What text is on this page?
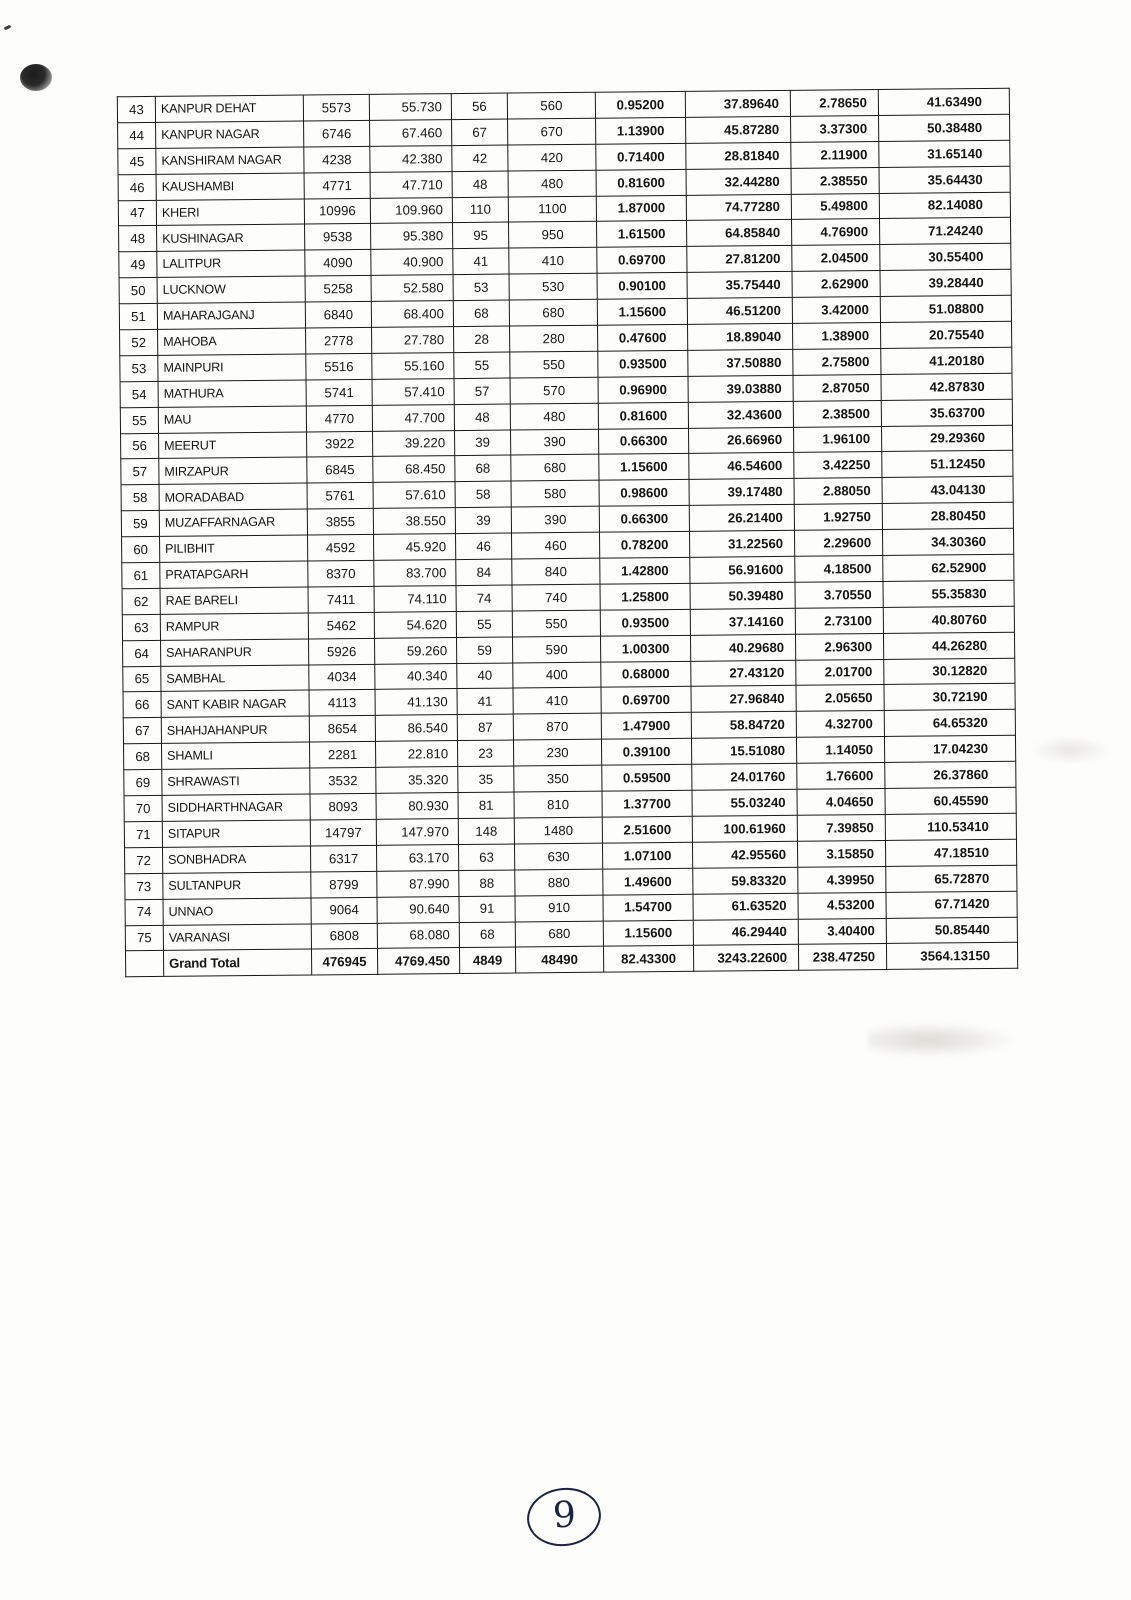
43	KANPUR DEHAT	5573	55.730	56	560	0.95200	37.89640	2.78650	41.63490
44	KANPUR NAGAR	6746	67.460	67	670	1.13900	45.87280	3.37300	50.38480
45	KANSHIRAM NAGAR	4238	42.380	42	420	0.71400	28.81840	2.11900	31.65140
46	KAUSHAMBI	4771	47.710	48	480	0.81600	32.44280	2.38550	35.64430
47	KHERI	10996	109.960	110	1100	1.87000	74.77280	5.49800	82.14080
48	KUSHINAGAR	9538	95.380	95	950	1.61500	64.85840	4.76900	71.24240
49	LALITPUR	4090	40.900	41	410	0.69700	27.81200	2.04500	30.55400
50	LUCKNOW	5258	52.580	53	530	0.90100	35.75440	2.62900	39.28440
51	MAHARAJGANJ	6840	68.400	68	680	1.15600	46.51200	3.42000	51.08800
52	MAHOBA	2778	27.780	28	280	0.47600	18.89040	1.38900	20.75540
53	MAINPURI	5516	55.160	55	550	0.93500	37.50880	2.75800	41.20180
54	MATHURA	5741	57.410	57	570	0.96900	39.03880	2.87050	42.87830
55	MAU	4770	47.700	48	480	0.81600	32.43600	2.38500	35.63700
56	MEERUT	3922	39.220	39	390	0.66300	26.66960	1.96100	29.29360
57	MIRZAPUR	6845	68.450	68	680	1.15600	46.54600	3.42250	51.12450
58	MORADABAD	5761	57.610	58	580	0.98600	39.17480	2.88050	43.04130
59	MUZAFFARNAGAR	3855	38.550	39	390	0.66300	26.21400	1.92750	28.80450
60	PILIBHIT	4592	45.920	46	460	0.78200	31.22560	2.29600	34.30360
61	PRATAPGARH	8370	83.700	84	840	1.42800	56.91600	4.18500	62.52900
62	RAE BARELI	7411	74.110	74	740	1.25800	50.39480	3.70550	55.35830
63	RAMPUR	5462	54.620	55	550	0.93500	37.14160	2.73100	40.80760
64	SAHARANPUR	5926	59.260	59	590	1.00300	40.29680	2.96300	44.26280
65	SAMBHAL	4034	40.340	40	400	0.68000	27.43120	2.01700	30.12820
66	SANT KABIR NAGAR	4113	41.130	41	410	0.69700	27.96840	2.05650	30.72190
67	SHAHJAHANPUR	8654	86.540	87	870	1.47900	58.84720	4.32700	64.65320
68	SHAMLI	2281	22.810	23	230	0.39100	15.51080	1.14050	17.04230
69	SHRAWASTI	3532	35.320	35	350	0.59500	24.01760	1.76600	26.37860
70	SIDDHARTHNAGAR	8093	80.930	81	810	1.37700	55.03240	4.04650	60.45590
71	SITAPUR	14797	147.970	148	1480	2.51600	100.61960	7.39850	110.53410
72	SONBHADRA	6317	63.170	63	630	1.07100	42.95560	3.15850	47.18510
73	SULTANPUR	8799	87.990	88	880	1.49600	59.83320	4.39950	65.72870
74	UNNAO	9064	90.640	91	910	1.54700	61.63520	4.53200	67.71420
75	VARANASI	6808	68.080	68	680	1.15600	46.29440	3.40400	50.85440
	Grand Total	476945	4769.450	4849	48490	82.43300	3243.22600	238.47250	3564.13150
9
